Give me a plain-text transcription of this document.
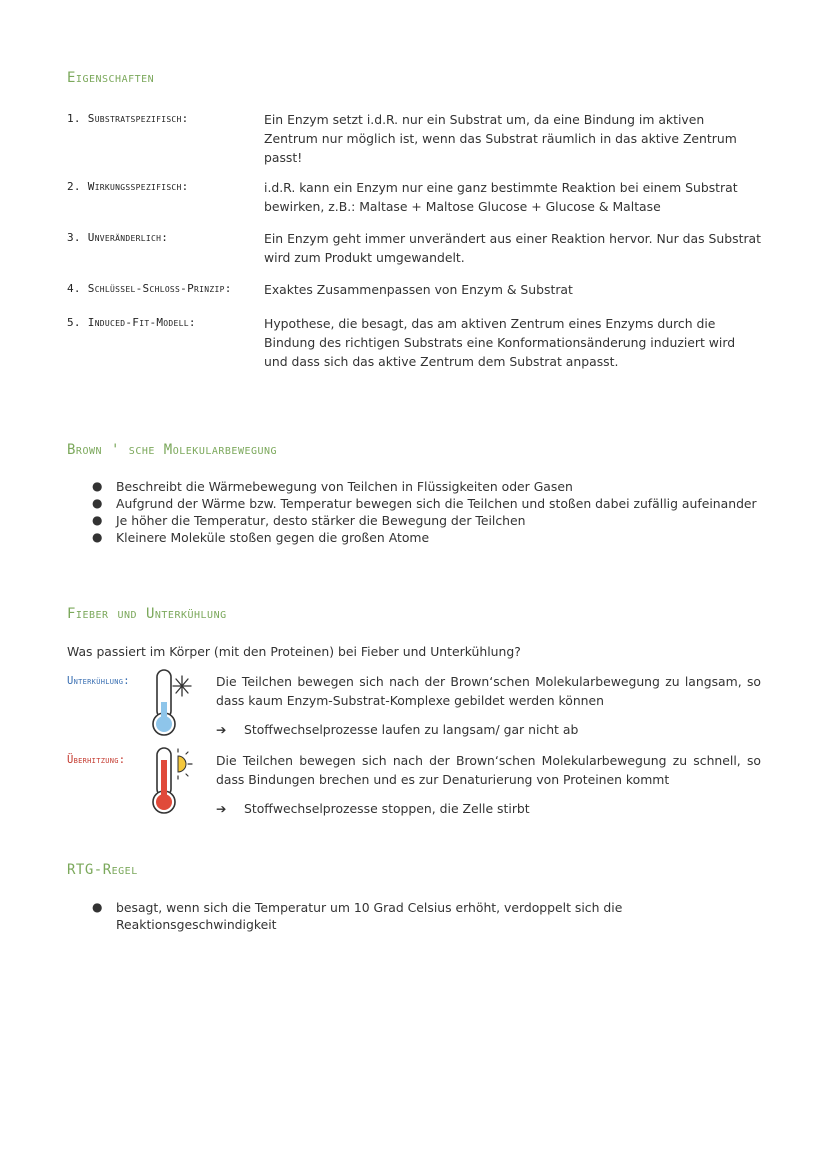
Eigenschaften
1. Substratspezifisch:	Ein Enzym setzt i.d.R. nur ein Substrat um, da eine Bindung im aktiven Zentrum nur möglich ist, wenn das Substrat räumlich in das aktive Zentrum passt!
2. Wirkungsspezifisch:	i.d.R. kann ein Enzym nur eine ganz bestimmte Reaktion bei einem Substrat bewirken, z.B.: Maltase + Maltose Glucose + Glucose & Maltase
3. Unveränderlich:	Ein Enzym geht immer unverändert aus einer Reaktion hervor. Nur das Substrat wird zum Produkt umgewandelt.
4. Schlüssel-Schloss-Prinzip:	Exaktes Zusammenpassen von Enzym & Substrat
5. Induced-Fit-Modell:	Hypothese, die besagt, das am aktiven Zentrum eines Enzyms durch die Bindung des richtigen Substrats eine Konformationsänderung induziert wird und dass sich das aktive Zentrum dem Substrat anpasst.
Brown ' sche Molekularbewegung
● Beschreibt die Wärmebewegung von Teilchen in Flüssigkeiten oder Gasen
● Aufgrund der Wärme bzw. Temperatur bewegen sich die Teilchen und stoßen dabei zufällig aufeinander
● Je höher die Temperatur, desto stärker die Bewegung der Teilchen
● Kleinere Moleküle stoßen gegen die großen Atome
Fieber und Unterkühlung
Was passiert im Körper (mit den Proteinen) bei Fieber und Unterkühlung?
Unterkühlung:	Die Teilchen bewegen sich nach der Brown‘schen Molekularbewegung zu langsam, so dass kaum Enzym-Substrat-Komplexe gebildet werden können
➔ Stoffwechselprozesse laufen zu langsam/ gar nicht ab
Überhitzung:	Die Teilchen bewegen sich nach der Brown‘schen Molekularbewegung zu schnell, so dass Bindungen brechen und es zur Denaturierung von Proteinen kommt
➔ Stoffwechselprozesse stoppen, die Zelle stirbt
RTG-Regel
● besagt, wenn sich die Temperatur um 10 Grad Celsius erhöht, verdoppelt sich die Reaktionsgeschwindigkeit
